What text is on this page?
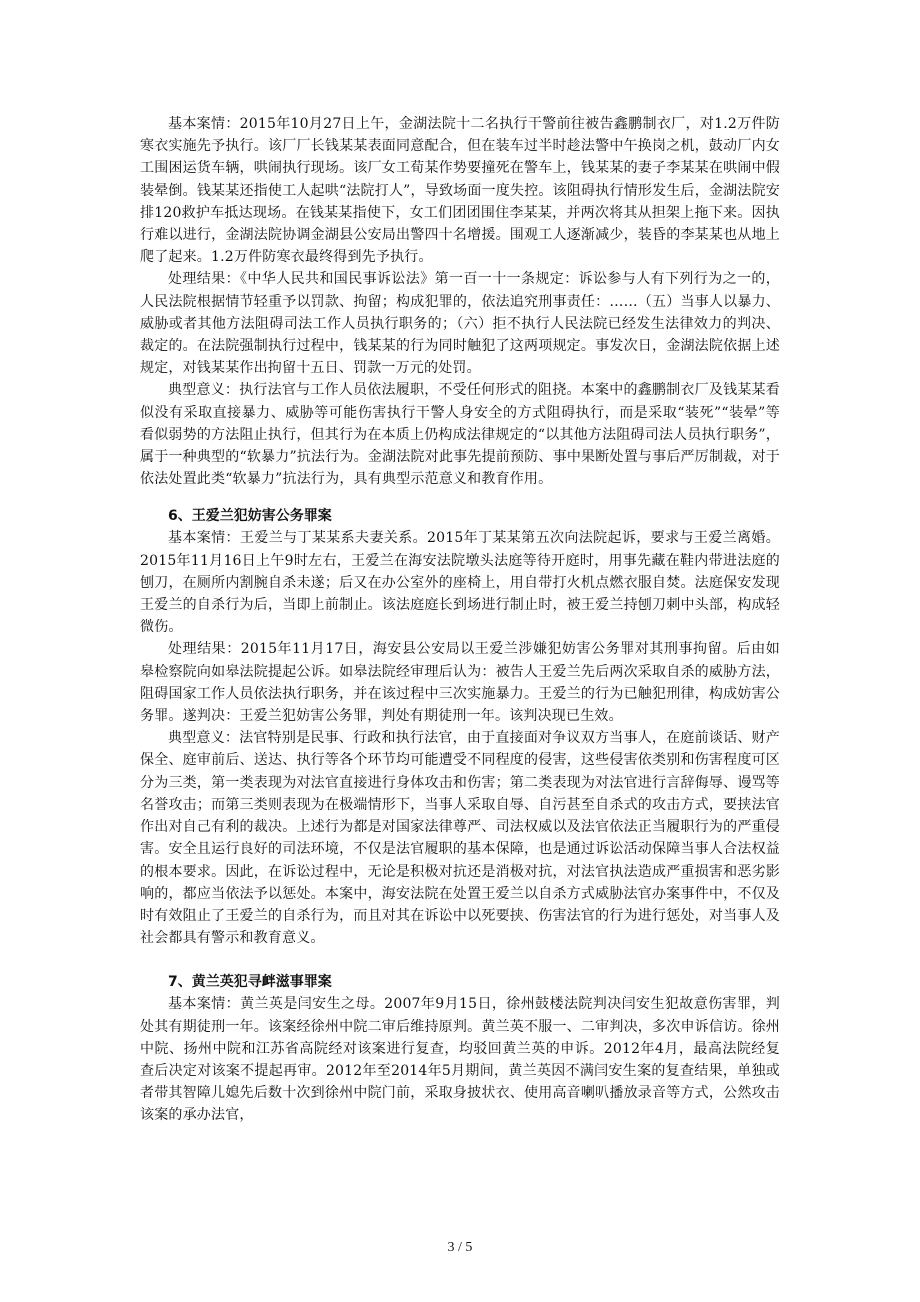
基本案情：2015年10月27日上午，金湖法院十二名执行干警前往被告鑫鹏制衣厂，对1.2万件防寒衣实施先予执行。该厂厂长钱某某表面同意配合，但在装车过半时趁法警中午换岗之机，鼓动厂内女工围困运货车辆，哄闹执行现场。该厂女工荀某作势要撞死在警车上，钱某某的妻子李某某在哄闹中假装晕倒。钱某某还指使工人起哄“法院打人”，导致场面一度失控。该阻碍执行情形发生后，金湖法院安排120救护车抵达现场。在钱某某指使下，女工们团团围住李某某，并两次将其从担架上拖下来。因执行难以进行，金湖法院协调金湖县公安局出警四十名增援。围观工人逐渐减少，装昏的李某某也从地上爬了起来。1.2万件防寒衣最终得到先予执行。

处理结果：《中华人民共和国民事诉讼法》第一百一十一条规定：诉讼参与人有下列行为之一的，人民法院根据情节轻重予以罚款、拘留；构成犯罪的，依法追究刑事责任：……（五）当事人以暴力、威胁或者其他方法阻碍司法工作人员执行职务的；（六）拒不执行人民法院已经发生法律效力的判决、裁定的。在法院强制执行过程中，钱某某的行为同时触犯了这两项规定。事发次日，金湖法院依据上述规定，对钱某某作出拘留十五日、罚款一万元的处罚。

典型意义：执行法官与工作人员依法履职，不受任何形式的阻挠。本案中的鑫鹏制衣厂及钱某某看似没有采取直接暴力、威胁等可能伤害执行干警人身安全的方式阻碍执行，而是采取“装死”“装晕”等看似弱势的方法阻止执行，但其行为在本质上仍构成法律规定的“以其他方法阻碍司法人员执行职务”，属于一种典型的“软暴力”抗法行为。金湖法院对此事先提前预防、事中果断处置与事后严厉制裁，对于依法处置此类“软暴力”抗法行为，具有典型示范意义和教育作用。

6、王爱兰犯妨害公务罪案

基本案情：王爱兰与丁某某系夫妻关系。2015年丁某某第五次向法院起诉，要求与王爱兰离婚。2015年11月16日上午9时左右，王爱兰在海安法院墩头法庭等待开庭时，用事先藏在鞋内带进法庭的刨刀，在厕所内割腕自杀未遂；后又在办公室外的座椅上，用自带打火机点燃衣服自焚。法庭保安发现王爱兰的自杀行为后，当即上前制止。该法庭庭长到场进行制止时，被王爱兰持刨刀刺中头部，构成轻微伤。

处理结果：2015年11月17日，海安县公安局以王爱兰涉嫌犯妨害公务罪对其刑事拘留。后由如皋检察院向如皋法院提起公诉。如皋法院经审理后认为：被告人王爱兰先后两次采取自杀的威胁方法，阻碍国家工作人员依法执行职务，并在该过程中三次实施暴力。王爱兰的行为已触犯刑律，构成妨害公务罪。遂判决：王爱兰犯妨害公务罪，判处有期徒刑一年。该判决现已生效。

典型意义：法官特别是民事、行政和执行法官，由于直接面对争议双方当事人，在庭前谈话、财产保全、庭审前后、送达、执行等各个环节均可能遭受不同程度的侵害，这些侵害依类别和伤害程度可区分为三类，第一类表现为对法官直接进行身体攻击和伤害；第二类表现为对法官进行言辞侮辱、谩骂等名誉攻击；而第三类则表现为在极端情形下，当事人采取自辱、自污甚至自杀式的攻击方式，要挟法官作出对自己有利的裁决。上述行为都是对国家法律尊严、司法权威以及法官依法正当履职行为的严重侵害。安全且运行良好的司法环境，不仅是法官履职的基本保障，也是通过诉讼活动保障当事人合法权益的根本要求。因此，在诉讼过程中，无论是积极对抗还是消极对抗，对法官执法造成严重损害和恶劣影响的，都应当依法予以惩处。本案中，海安法院在处置王爱兰以自杀方式威胁法官办案事件中，不仅及时有效阻止了王爱兰的自杀行为，而且对其在诉讼中以死要挟、伤害法官的行为进行惩处，对当事人及社会都具有警示和教育意义。

7、黄兰英犯寻衅滋事罪案

基本案情：黄兰英是闫安生之母。2007年9月15日，徐州鼓楼法院判决闫安生犯故意伤害罪，判处其有期徒刑一年。该案经徐州中院二审后维持原判。黄兰英不服一、二审判决，多次申诉信访。徐州中院、扬州中院和江苏省高院经对该案进行复查，均驳回黄兰英的申诉。2012年4月，最高法院经复查后决定对该案不提起再审。2012年至2014年5月期间，黄兰英因不满闫安生案的复查结果，单独或者带其智障儿媳先后数十次到徐州中院门前，采取身披状衣、使用高音喇叭播放录音等方式，公然攻击该案的承办法官，

3 / 5
